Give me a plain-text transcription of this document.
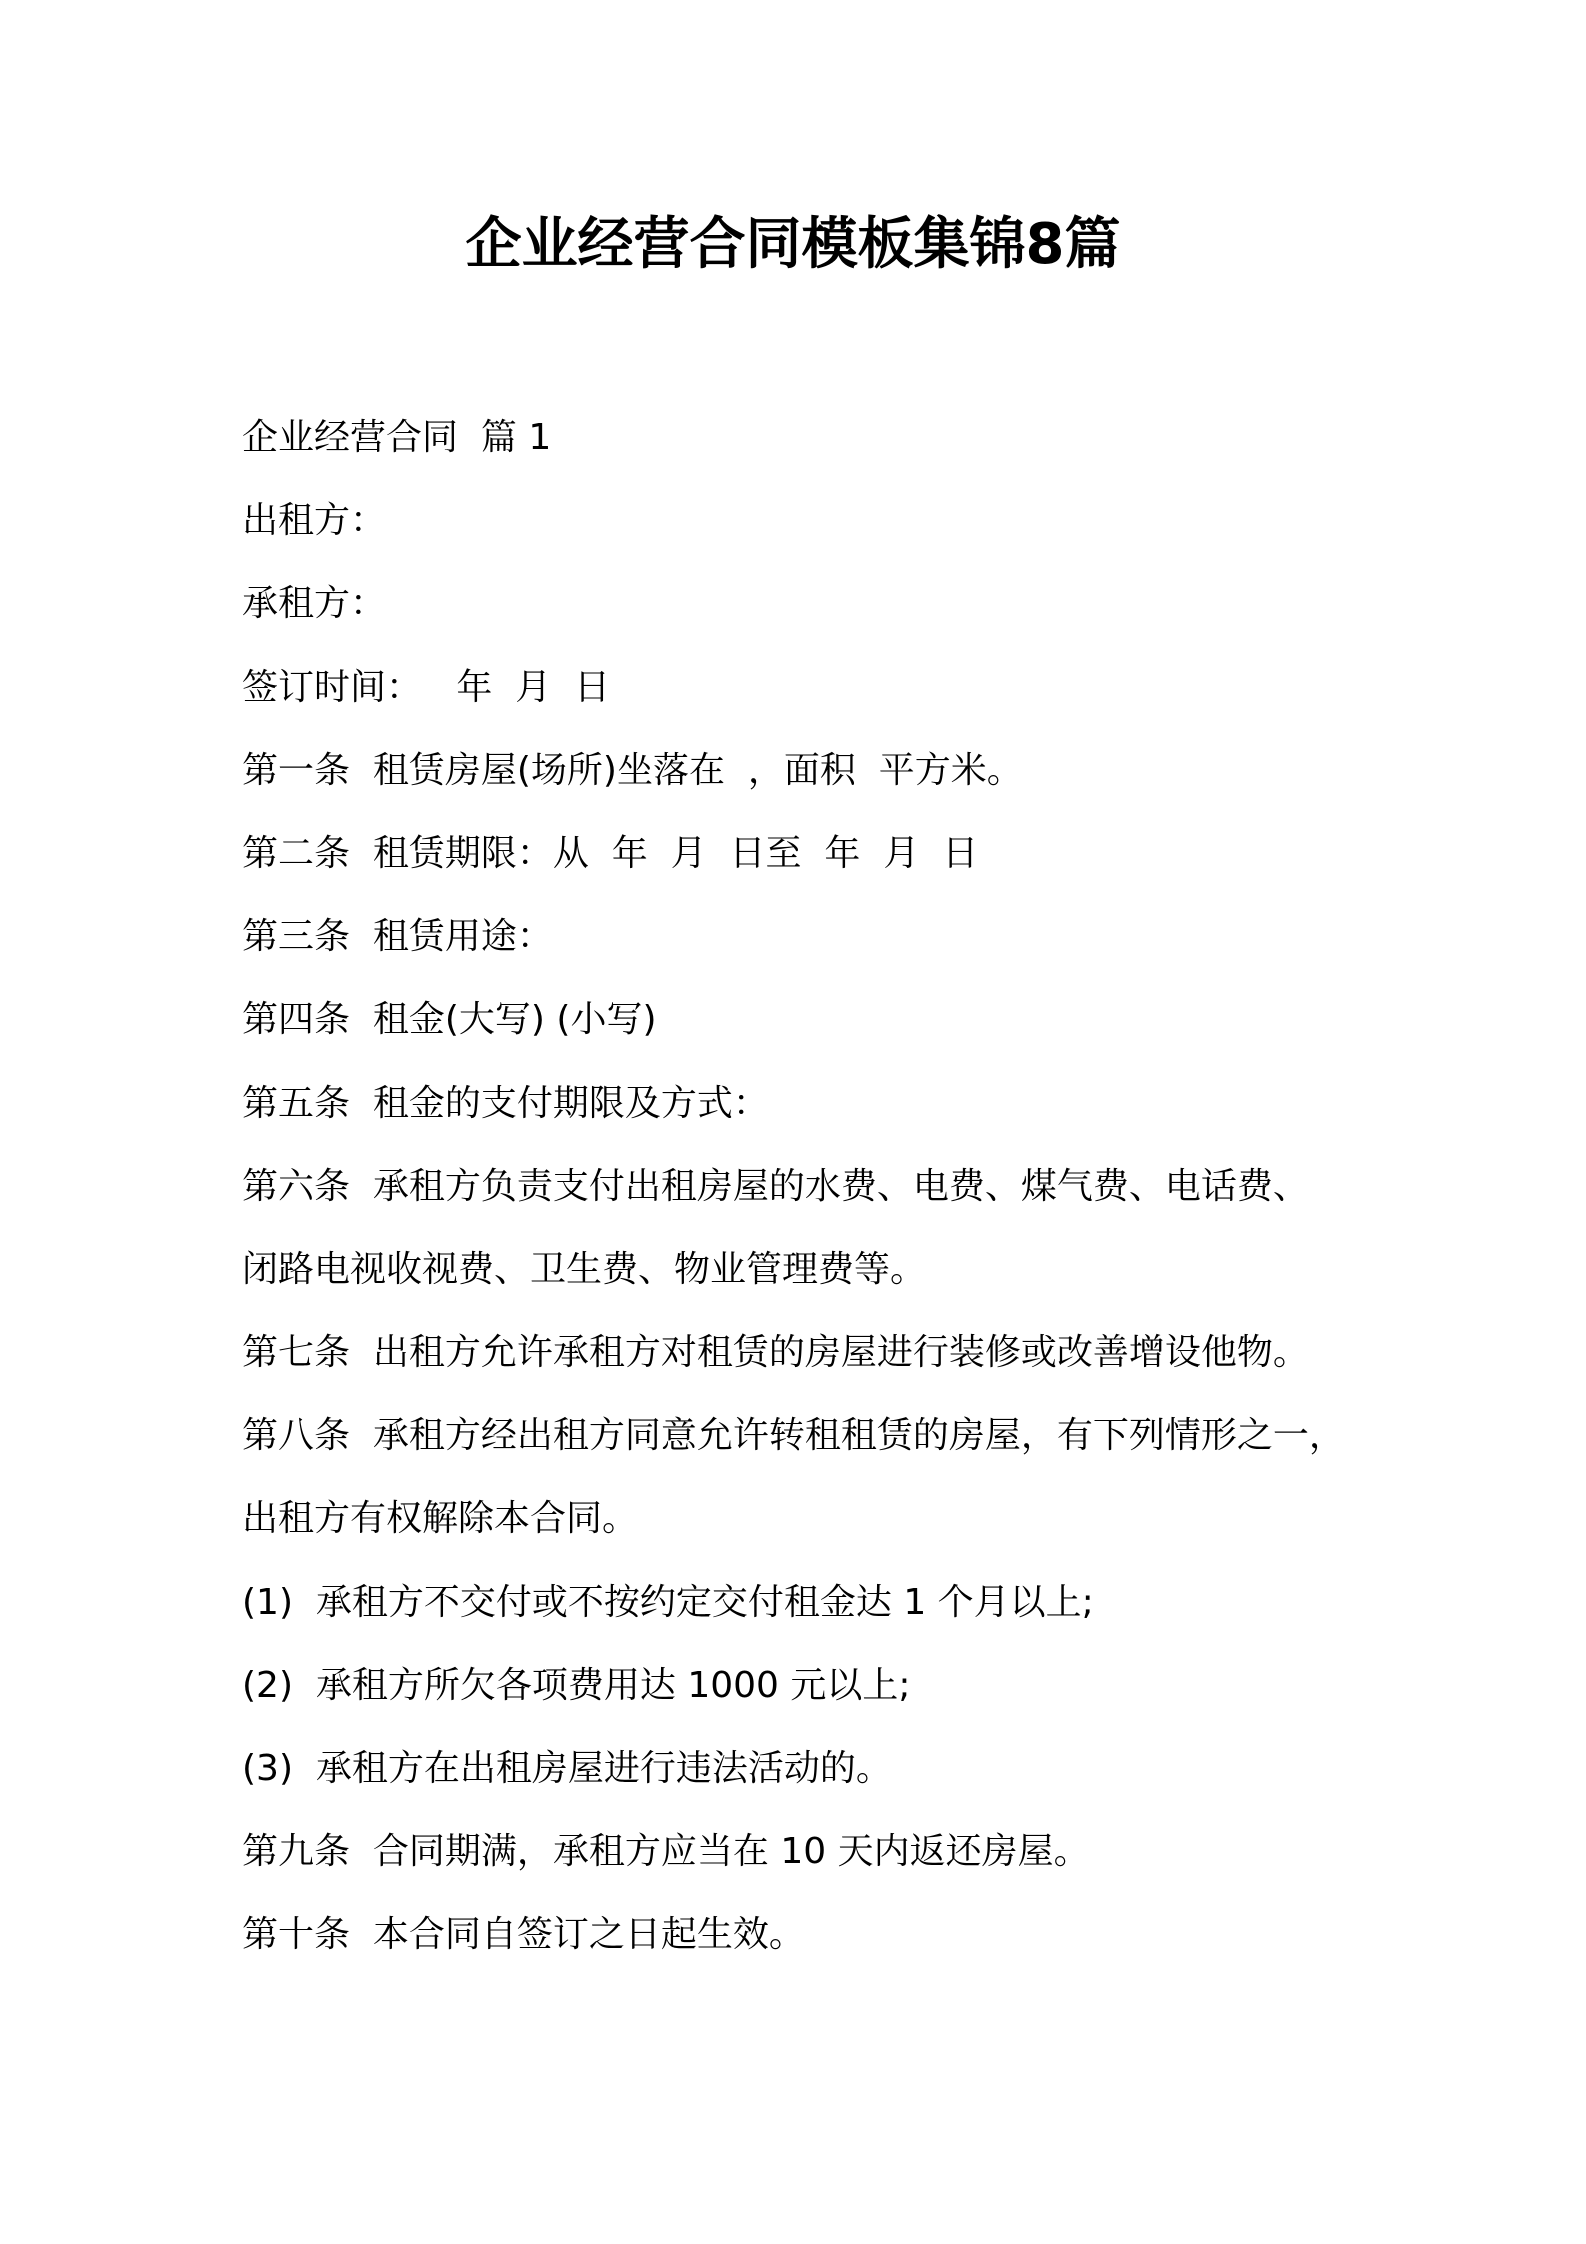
企业经营合同模板集锦8篇
企业经营合同  篇 1
出租方：
承租方：
签订时间：   年  月  日
第一条  租赁房屋(场所)坐落在  ，面积  平方米。
第二条  租赁期限：从  年  月  日至  年  月  日
第三条  租赁用途：
第四条  租金(大写) (小写)
第五条  租金的支付期限及方式：
第六条  承租方负责支付出租房屋的水费、电费、煤气费、电话费、
闭路电视收视费、卫生费、物业管理费等。
第七条  出租方允许承租方对租赁的房屋进行装修或改善增设他物。
第八条  承租方经出租方同意允许转租租赁的房屋，有下列情形之一，
出租方有权解除本合同。
(1)  承租方不交付或不按约定交付租金达 1 个月以上;
(2)  承租方所欠各项费用达 1000 元以上;
(3)  承租方在出租房屋进行违法活动的。
第九条  合同期满，承租方应当在 10 天内返还房屋。
第十条  本合同自签订之日起生效。
